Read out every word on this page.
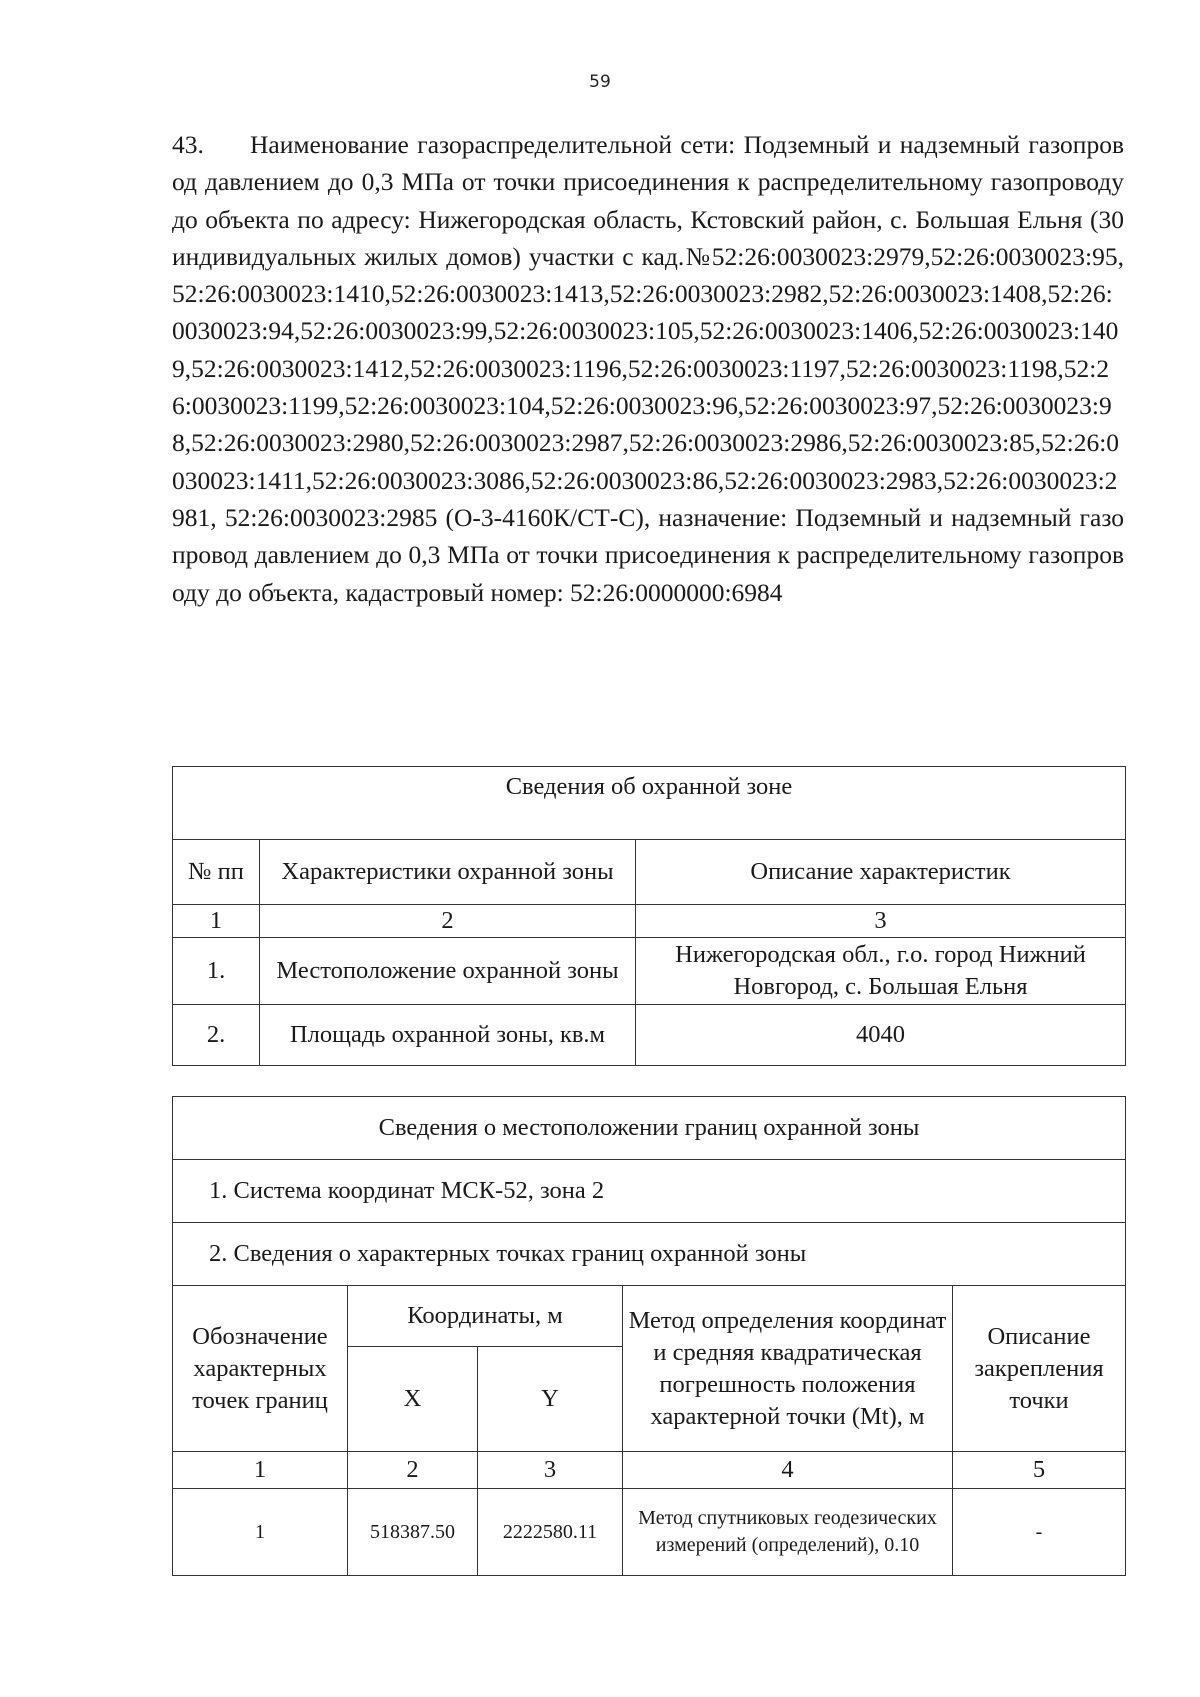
59

43. Наименование газораспределительной сети: Подземный и надземный газопровод давлением до 0,3 МПа от точки присоединения к распределительному газопроводу до объекта по адресу: Нижегородская область, Кстовский район, с. Большая Ельня (30 индивидуальных жилых домов) участки с кад.№52:26:0030023:2979,52:26:0030023:95,52:26:0030023:1410,52:26:0030023:1413,52:26:0030023:2982,52:26:0030023:1408,52:26:0030023:94,52:26:0030023:99,52:26:0030023:105,52:26:0030023:1406,52:26:0030023:1409,52:26:0030023:1412,52:26:0030023:1196,52:26:0030023:1197,52:26:0030023:1198,52:26:0030023:1199,52:26:0030023:104,52:26:0030023:96,52:26:0030023:97,52:26:0030023:98,52:26:0030023:2980,52:26:0030023:2987,52:26:0030023:2986,52:26:0030023:85,52:26:0030023:1411,52:26:0030023:3086,52:26:0030023:86,52:26:0030023:2983,52:26:0030023:2981, 52:26:0030023:2985 (О-3-4160К/СТ-С), назначение: Подземный и надземный газопровод давлением до 0,3 МПа от точки присоединения к распределительному газопроводу до объекта, кадастровый номер: 52:26:0000000:6984

Сведения об охранной зоне		
№ пп	Характеристики охранной зоны	Описание характеристик
1	2	3
1.	Местоположение охранной зоны	Нижегородская обл., г.о. город Нижний Новгород, с. Большая Ельня
2.	Площадь охранной зоны, кв.м	4040
Сведения о местоположении границ охранной зоны				
1. Система координат МСК-52, зона 2				
2. Сведения о характерных точках границ охранной зоны				
Обозначение характерных точек границ	Координаты, м		Метод определения координат и средняя квадратическая погрешность положения характерной точки (Mt), м	Описание закрепления точки
	X	Y		
1	2	3	4	5
1	518387.50	2222580.11	Метод спутниковых геодезических измерений (определений), 0.10	-
